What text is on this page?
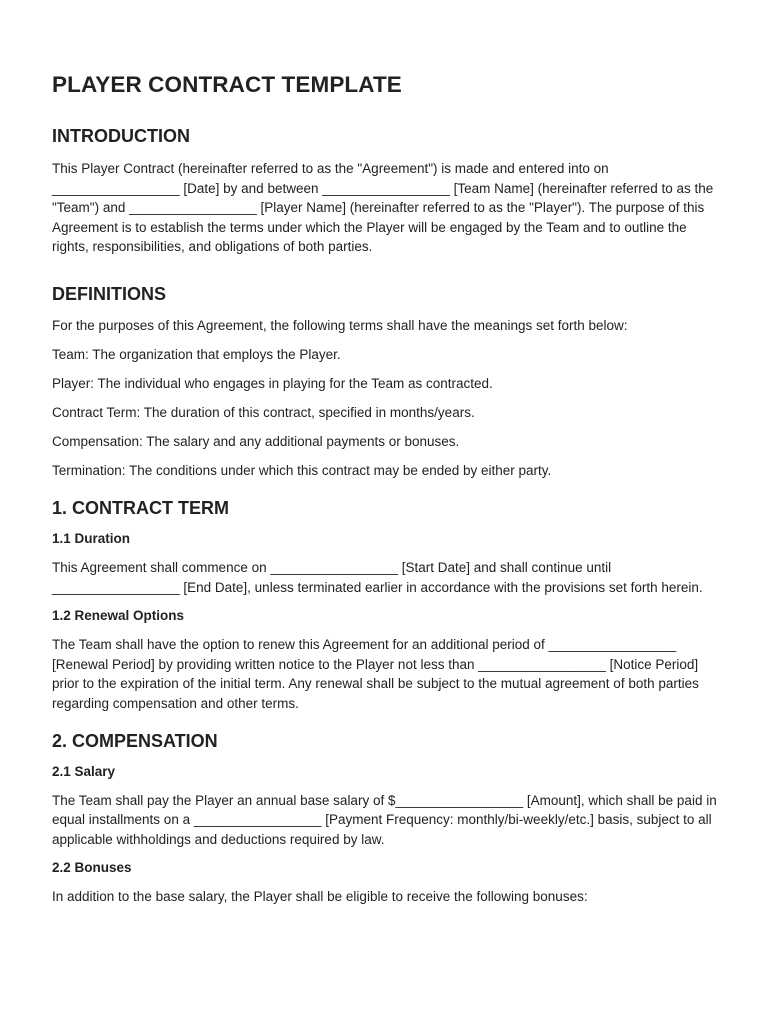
PLAYER CONTRACT TEMPLATE
INTRODUCTION

This Player Contract (hereinafter referred to as the "Agreement") is made and entered into on _________________ [Date] by and between _________________ [Team Name] (hereinafter referred to as the "Team") and _________________ [Player Name] (hereinafter referred to as the "Player"). The purpose of this Agreement is to establish the terms under which the Player will be engaged by the Team and to outline the rights, responsibilities, and obligations of both parties.

DEFINITIONS

For the purposes of this Agreement, the following terms shall have the meanings set forth below:

Team: The organization that employs the Player.

Player: The individual who engages in playing for the Team as contracted.

Contract Term: The duration of this contract, specified in months/years.

Compensation: The salary and any additional payments or bonuses.

Termination: The conditions under which this contract may be ended by either party.

1. CONTRACT TERM
1.1 Duration

This Agreement shall commence on _________________ [Start Date] and shall continue until _________________ [End Date], unless terminated earlier in accordance with the provisions set forth herein.

1.2 Renewal Options

The Team shall have the option to renew this Agreement for an additional period of _________________ [Renewal Period] by providing written notice to the Player not less than _________________ [Notice Period] prior to the expiration of the initial term. Any renewal shall be subject to the mutual agreement of both parties regarding compensation and other terms.

2. COMPENSATION
2.1 Salary

The Team shall pay the Player an annual base salary of $_________________ [Amount], which shall be paid in equal installments on a _________________ [Payment Frequency: monthly/bi-weekly/etc.] basis, subject to all applicable withholdings and deductions required by law.

2.2 Bonuses

In addition to the base salary, the Player shall be eligible to receive the following bonuses:
